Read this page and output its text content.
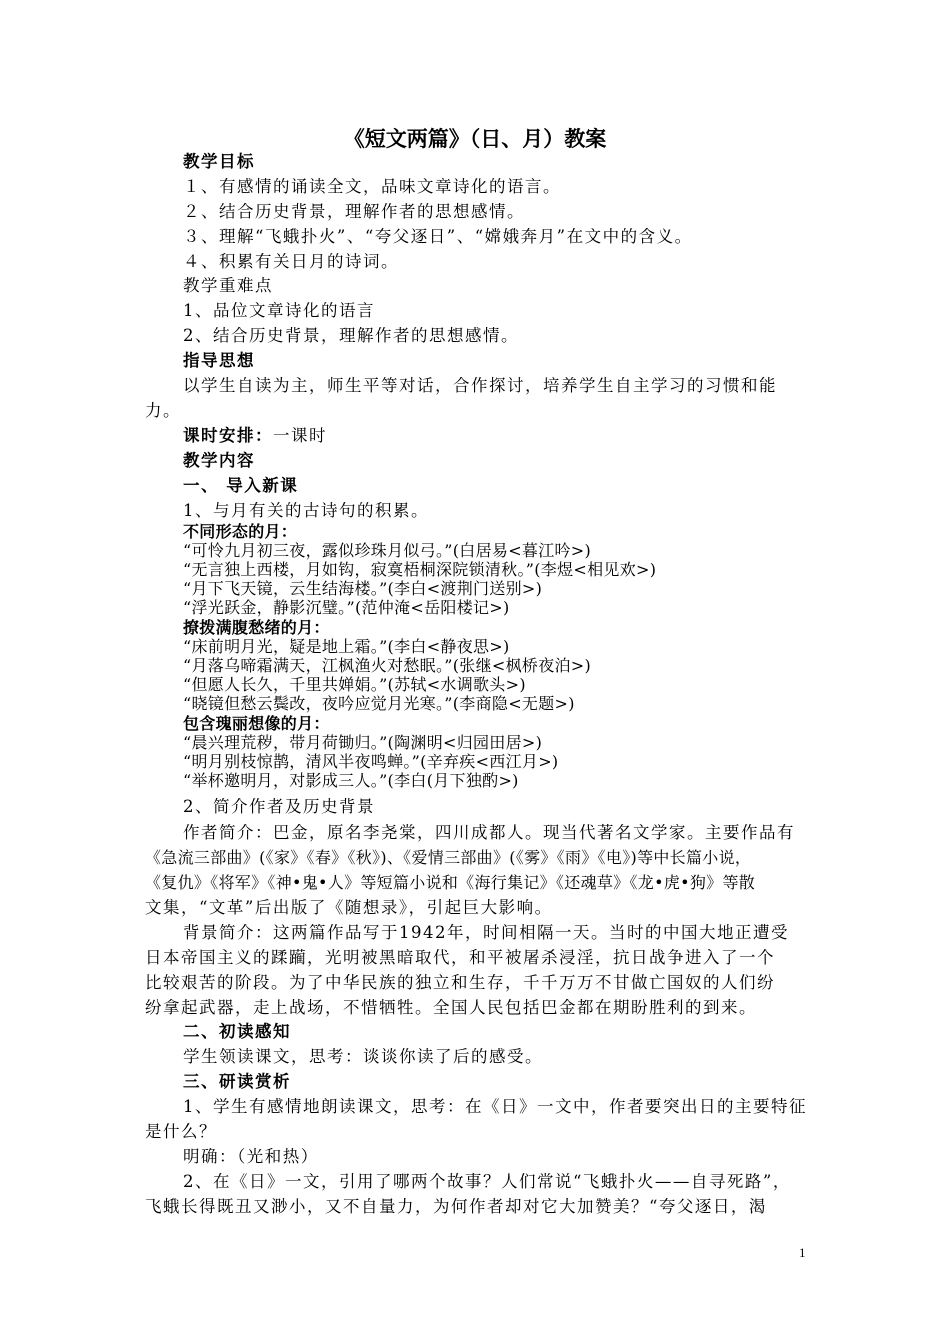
《短文两篇》（日、月）教案
教学目标
１、有感情的诵读全文，品味文章诗化的语言。
２、结合历史背景，理解作者的思想感情。
３、理解“飞蛾扑火”、“夸父逐日”、“嫦娥奔月”在文中的含义。
４、积累有关日月的诗词。
教学重难点
1、品位文章诗化的语言
2、结合历史背景，理解作者的思想感情。
指导思想
以学生自读为主，师生平等对话，合作探讨，培养学生自主学习的习惯和能
力。
课时安排：一课时
教学内容
一、 导入新课
1、与月有关的古诗句的积累。
不同形态的月：
“可怜九月初三夜，露似珍珠月似弓。”(白居易<暮江吟>)
“无言独上西楼，月如钩，寂寞梧桐深院锁清秋。”(李煜<相见欢>)
“月下飞天镜，云生结海楼。”(李白<渡荆门送别>)
“浮光跃金，静影沉璧。”(范仲淹<岳阳楼记>)
撩拨满腹愁绪的月：
“床前明月光，疑是地上霜。”(李白<静夜思>)
“月落乌啼霜满天，江枫渔火对愁眠。”(张继<枫桥夜泊>)
“但愿人长久，千里共婵娟。”(苏轼<水调歌头>)
“晓镜但愁云鬓改，夜吟应觉月光寒。”(李商隐<无题>)
包含瑰丽想像的月：
“晨兴理荒秽，带月荷锄归。”(陶渊明<归园田居>)
“明月别枝惊鹊，清风半夜鸣蝉。”(辛弃疾<西江月>)
“举杯邀明月，对影成三人。”(李白(月下独酌>)
2、简介作者及历史背景
作者简介：巴金，原名李尧棠，四川成都人。现当代著名文学家。主要作品有
《急流三部曲》(《家》《春》《秋》)、《爱情三部曲》(《雾》《雨》《电》)等中长篇小说，
《复仇》《将军》《神•鬼•人》等短篇小说和《海行集记》《还魂草》《龙•虎•狗》等散
文集，“文革”后出版了《随想录》，引起巨大影响。
背景简介：这两篇作品写于1942年，时间相隔一天。当时的中国大地正遭受
日本帝国主义的蹂躏，光明被黑暗取代，和平被屠杀浸淫，抗日战争进入了一个
比较艰苦的阶段。为了中华民族的独立和生存，千千万万不甘做亡国奴的人们纷
纷拿起武器，走上战场，不惜牺牲。全国人民包括巴金都在期盼胜利的到来。
二、初读感知
学生领读课文，思考：谈谈你读了后的感受。
三、研读赏析
1、学生有感情地朗读课文，思考：在《日》一文中，作者要突出日的主要特征
是什么？
明确：（光和热）
2、在《日》一文，引用了哪两个故事？人们常说“飞蛾扑火——自寻死路”，
飞蛾长得既丑又渺小，又不自量力，为何作者却对它大加赞美？“夸父逐日，渴
1
